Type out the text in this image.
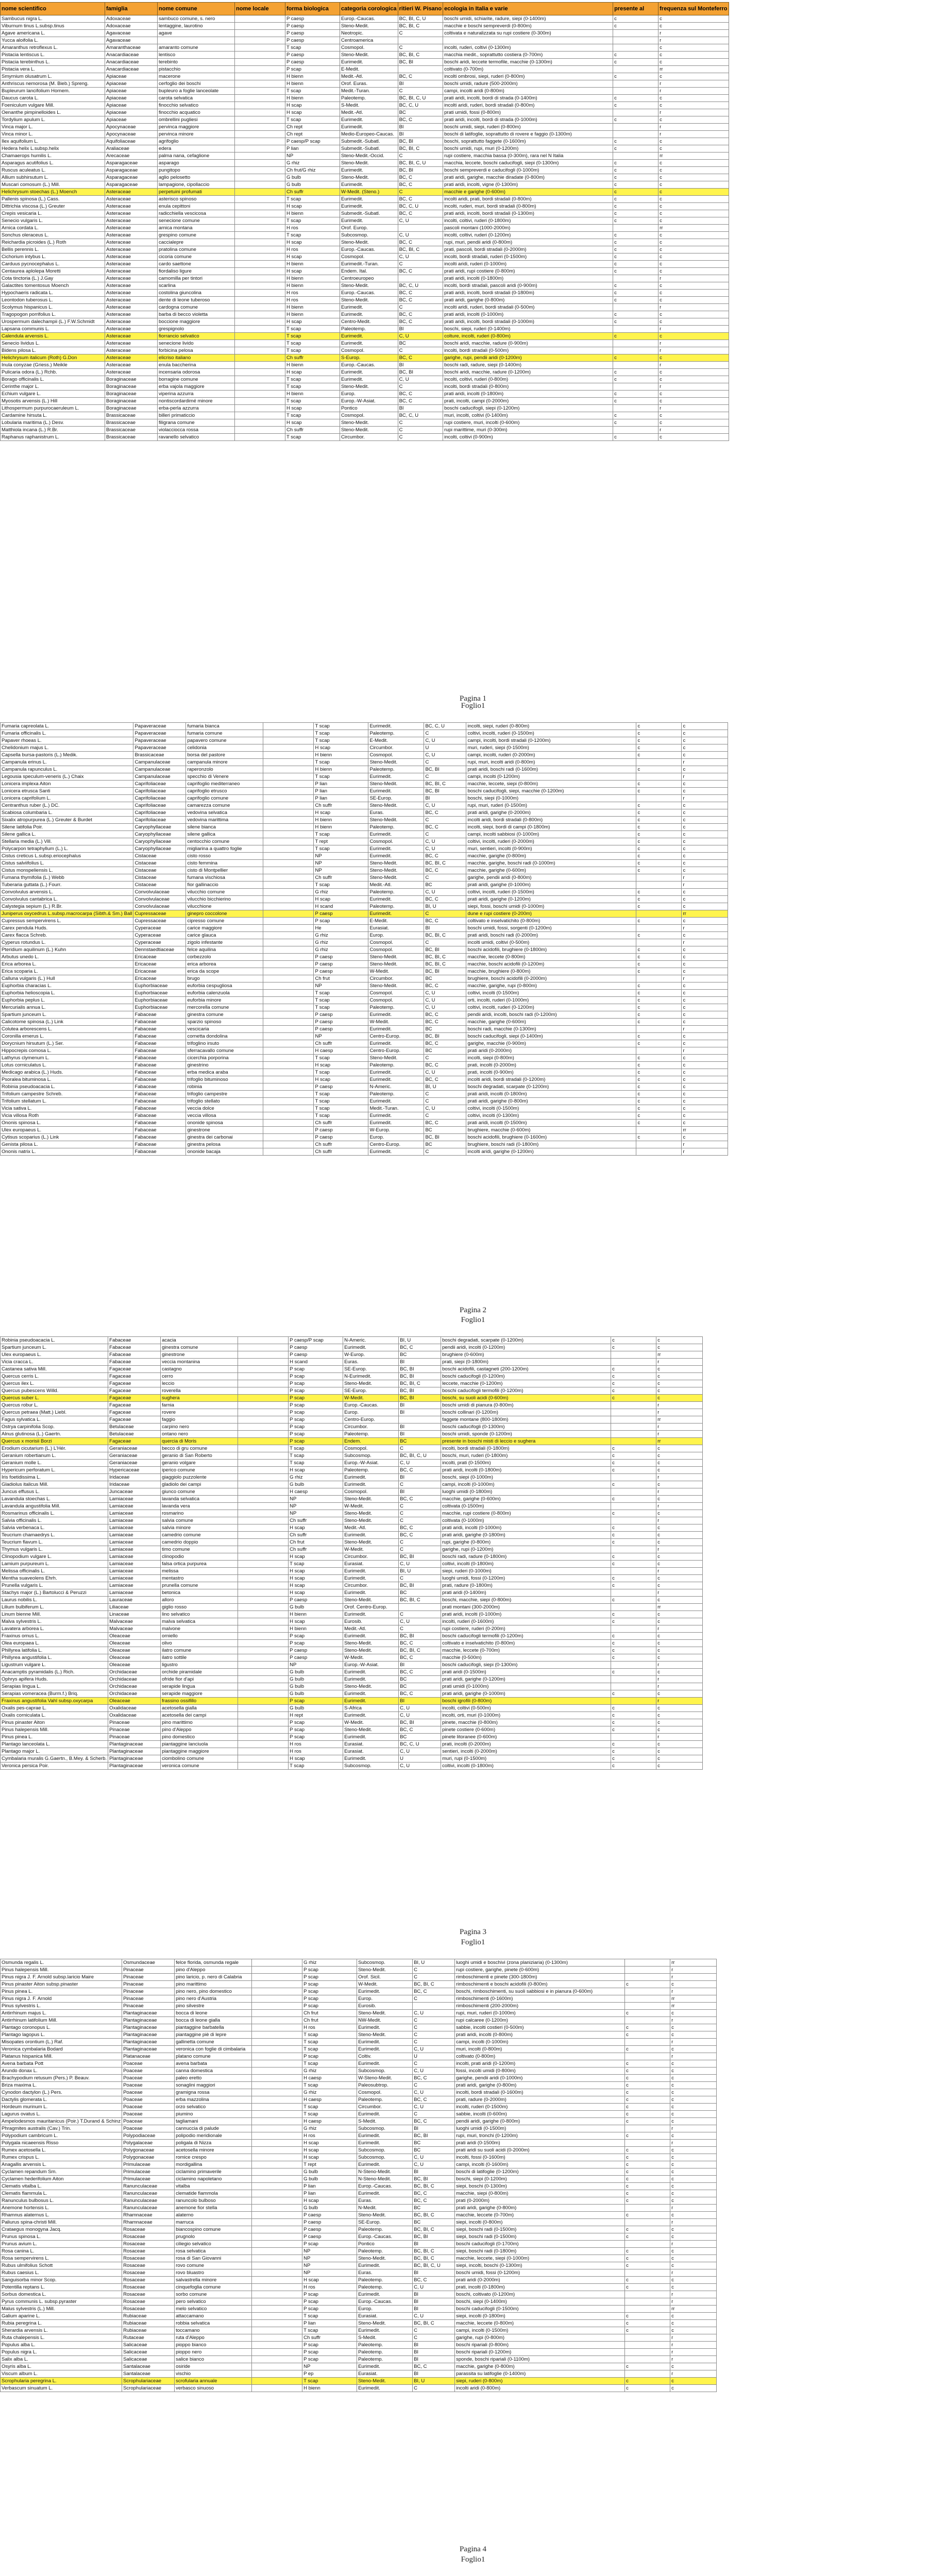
nome scientifico	famiglia	nome comune	nome locale	forma biologica	categoria corologica	ritieri W. Pisano	ecologia in Italia e varie	presente al	frequenza sul Monteferro
Sambucus nigra L.	Adoxaceae	sambuco comune, s. nero		P caesp	Europ.-Caucas.	BC, BI, C, U	boschi umidi, schiarite, radure, siepi (0-1400m)	c	c
Viburnum tinus L.subsp.tinus	Adoxaceae	lentaggine, laurotino		P caesp	Steno-Medit.	BC, BI, C	macchie e boschi sempreverdi (0-800m)	c	c
Agave americana L.	Agavaceae	agave		P caesp	Neotropic.	C	coltivata e naturalizzata su rupi costiere (0-300m)		r
Yucca aloifolia L.	Agavaceae			P caesp	Centroamerica				r
Amaranthus retroflexus L.	Amaranthaceae	amaranto comune		T scap	Cosmopol.	C	incolti, ruderi, coltivi (0-1300m)		c
Pistacia lentiscus L.	Anacardiaceae	lentisco		P caesp	Steno-Medit.	BC, BI, C	macchia medit., soprattutto costiera (0-700m)	c	c
Pistacia terebinthus L.	Anacardiaceae	terebinto		P caesp	Eurimedit.	BC, BI	boschi aridi, leccete termofile, macchie (0-1300m)	c	c
Pistacia vera L.	Anacardiaceae	pistacchio		P scap	E-Medit.		coltivato (0-700m)		rr
Smyrnium olusatrum L.	Apiaceae	macerone		H bienn	Medit.-Atl.	BC, C	incolti ombrosi, siepi, ruderi (0-800m)	c	c
Anthriscus nemorosa (M. Bieb.) Spreng.	Apiaceae	cerfoglio dei boschi		H bienn	Orof. Euras.	BI	boschi umidi, radure (500-2000m)		r
Bupleurum lancifolium Hornem.	Apiaceae	bupleuro a foglie lanceolate		T scap	Medit.-Turan.	C	campi, incolti aridi (0-800m)		r
Daucus carota L.	Apiaceae	carota selvatica		H bienn	Paleotemp.	BC, BI, C, U	prati aridi, incolti, bordi di strada (0-1400m)	c	c
Foeniculum vulgare Mill.	Apiaceae	finocchio selvatico		H scap	S-Medit.	BC, C, U	incolti aridi, ruderi, bordi stradali (0-800m)	c	c
Oenanthe pimpinelloides L.	Apiaceae	finocchio acquatico		H scap	Medit.-Atl.	BC	prati umidi, fossi (0-800m)		r
Tordylium apulum L.	Apiaceae	ombrellini pugliesi		T scap	Eurimedit.	BC, C	prati aridi, incolti, bordi di strada (0-1000m)	c	c
Vinca major L.	Apocynaceae	pervinca maggiore		Ch rept	Eurimedit.	BI	boschi umidi, siepi, ruderi (0-800m)		r
Vinca minor L.	Apocynaceae	pervinca minore		Ch rept	Medio-Europeo-Caucas.	BI	boschi di latifoglie, soprattutto di rovere e faggio (0-1300m)		r
Ilex aquifolium L.	Aquifoliaceae	agrifoglio		P caesp/P scap	Submedit.-Subatl.	BC, BI	boschi, soprattutto faggete (0-1600m)	c	c
Hedera helix L.subsp.helix	Araliaceae	edera		P lian	Submedit.-Subatl.	BC, BI, C	boschi umidi, rupi, muri (0-1200m)	c	c
Chamaerops humilis L.	Arecaceae	palma nana, cefaglione		NP	Steno-Medit.-Occid.	C	rupi costiere, macchia bassa (0-300m), rara nel N Italia		rr
Asparagus acutifolius L.	Asparagaceae	asparago		G rhiz	Steno-Medit.	BC, BI, C, U	macchia, leccete, boschi caducifogli, siepi (0-1300m)	c	c
Ruscus aculeatus L.	Asparagaceae	pungitopo		Ch frut/G rhiz	Eurimedit.	BC, BI	boschi sempreverdi e caducifogli (0-1000m)	c	c
Allium subhirsutum L.	Asparagaceae	aglio pelosetto		G bulb	Steno-Medit.	BC, C	prati aridi, garighe, macchie diradate (0-800m)	c	c
Muscari comosum (L.) Mill.	Asparagaceae	lampagione, cipollaccio		G bulb	Eurimedit.	BC, C	prati aridi, incolti, vigne (0-1300m)	c	c
Helichrysum stoechas (L.) Moench	Asteraceae	perpetuini profumati		Ch suffr	W-Medit. (Steno.)	C	macchie e garighe (0-600m)	c	c
Pallenis spinosa (L.) Cass.	Asteraceae	asterisco spinoso		T scap	Eurimedit.	BC, C	incolti aridi, prati, bordi stradali (0-800m)	c	c
Dittrichia viscosa (L.) Greuter	Asteraceae	enula cepittoni		H scap	Eurimedit.	BC, C, U	incolti, ruderi, muri, bordi stradali (0-800m)	c	c
Crepis vesicaria L.	Asteraceae	radicchiella vescicosa		H bienn	Submedit.-Subatl.	BC, C	prati aridi, incolti, bordi stradali (0-1300m)	c	c
Senecio vulgaris L.	Asteraceae	senecione comune		T scap	Eurimedit.	C, U	incolti, coltivi, ruderi (0-1800m)	c	c
Arnica cordata L.	Asteraceae	arnica montana		H ros	Orof. Europ.		pascoli montani (1000-2000m)		rr
Sonchus oleraceus L.	Asteraceae	grespino comune		T scap	Subcosmop.	C, U	incolti, coltivi, ruderi (0-1200m)	c	c
Reichardia picroides (L.) Roth	Asteraceae	caccialepre		H scap	Steno-Medit.	BC, C	rupi, muri, pendii aridi (0-800m)	c	c
Bellis perennis L.	Asteraceae	pratolina comune		H ros	Europ.-Caucas.	BC, BI, C	prati, pascoli, bordi stradali (0-2000m)	c	c
Cichorium intybus L.	Asteraceae	cicoria comune		H scap	Cosmopol.	C, U	incolti, bordi stradali, ruderi (0-1500m)	c	c
Carduus pycnocephalus L.	Asteraceae	cardo saettone		H bienn	Eurimedit.-Turan.	C	incolti aridi, ruderi (0-1000m)	c	c
Centaurea aplolepa Moretti	Asteraceae	fiordaliso ligure		H scap	Endem. Ital.	BC, C	prati aridi, rupi costiere (0-800m)	c	c
Cota tinctoria (L.) J.Gay	Asteraceae	camomilla per tintori		H bienn	Centroeuropeo		prati aridi, incolti (0-1800m)		r
Galactites tomentosus Moench	Asteraceae	scarlina		H bienn	Steno-Medit.	BC, C, U	incolti, bordi stradali, pascoli aridi (0-900m)	c	c
Hypochaeris radicata L.	Asteraceae	costolina giuncolina		H ros	Europ.-Caucas.	BC, C	prati aridi, incolti, bordi stradali (0-1800m)	c	c
Leontodon tuberosus L.	Asteraceae	dente di leone tuberoso		H ros	Steno-Medit.	BC, C	prati aridi, garighe (0-800m)	c	c
Scolymus hispanicus L.	Asteraceae	cardogna comune		H bienn	Eurimedit.	C	incolti aridi, ruderi, bordi stradali (0-500m)		r
Tragopogon porrifolius L.	Asteraceae	barba di becco violetta		H bienn	Eurimedit.	BC, C	prati aridi, incolti (0-1000m)	c	c
Urospermum dalechampii (L.) F.W.Schmidt	Asteraceae	boccione maggiore		H scap	Centro-Medit.	BC, C	prati aridi, incolti, bordi stradali (0-1000m)	c	c
Lapsana communis L.	Asteraceae	grespignolo		T scap	Paleotemp.	BI	boschi, siepi, ruderi (0-1400m)		r
Calendula arvensis L.	Asteraceae	fiorrancio selvatico		T scap	Eurimedit.	C, U	colture, incolti, ruderi (0-800m)	c	c
Senecio lividus L.	Asteraceae	senecione livido		T scap	Eurimedit.	BC	boschi aridi, macchie, radure (0-900m)		r
Bidens pilosa L.	Asteraceae	forbicina pelosa		T scap	Cosmopol.	C	incolti, bordi stradali (0-500m)		r
Helichrysum italicum (Roth) G.Don	Asteraceae	elicriso italiano		Ch suffr	S-Europ.	BC, C	garighe, rupi, pendii aridi (0-1200m)	c	c
Inula conyzae (Griess.) Meikle	Asteraceae	enula baccherina		H bienn	Europ.-Caucas.	BI	boschi radi, radure, siepi (0-1400m)		r
Pulicaria odora (L.) Rchb.	Asteraceae	incensaria odorosa		H scap	Eurimedit.	BC, BI	boschi aridi, macchie, radure (0-1200m)	c	c
Borago officinalis L.	Boraginaceae	borragine comune		T scap	Eurimedit.	C, U	incolti, coltivi, ruderi (0-800m)	c	c
Cerinthe major L.	Boraginaceae	erba vajola maggiore		T scap	Steno-Medit.	C	incolti, bordi stradali (0-800m)		r
Echium vulgare L.	Boraginaceae	viperina azzurra		H bienn	Europ.	BC, C	prati aridi, incolti (0-1800m)	c	c
Myosotis arvensis (L.) Hill	Boraginaceae	nontiscordardimé minore		T scap	Europ.-W-Asiat.	BC, C	prati, incolti, campi (0-2000m)	c	c
Lithospermum purpurocaeruleum L.	Boraginaceae	erba-perla azzurra		H scap	Pontico	BI	boschi caducifogli, siepi (0-1200m)		r
Cardamine hirsuta L.	Brassicaceae	billeri primaticcio		T scap	Cosmopol.	BC, C, U	muri, incolti, coltivi (0-1400m)	c	c
Lobularia maritima (L.) Desv.	Brassicaceae	filigrana comune		H scap	Steno-Medit.	C	rupi costiere, muri, incolti (0-600m)	c	c
Matthiola incana (L.) R.Br.	Brassicaceae	violacciocca rossa		Ch suffr	Steno-Medit.	C	rupi marittime, muri (0-300m)		r
Raphanus raphanistrum L.	Brassicaceae	ravanello selvatico		T scap	Circumbor.	C	incolti, coltivi (0-900m)	c	c
Pagina 1
Foglio1
Fumaria capreolata L.	Papaveraceae	fumaria bianca		T scap	Eurimedit.	BC, C, U	incolti, siepi, ruderi (0-800m)	c	c
Fumaria officinalis L.	Papaveraceae	fumaria comune		T scap	Paleotemp.	C	coltivi, incolti, ruderi (0-1500m)	c	c
Papaver rhoeas L.	Papaveraceae	papavero comune		T scap	E-Medit.	C, U	campi, incolti, bordi stradali (0-1200m)	c	c
Chelidonium majus L.	Papaveraceae	celidonia		H scap	Circumbor.	U	muri, ruderi, siepi (0-1500m)	c	c
Capsella bursa-pastoris (L.) Medik.	Brassicaceae	borsa del pastore		H bienn	Cosmopol.	C, U	campi, incolti, ruderi (0-2000m)	c	c
Campanula erinus L.	Campanulaceae	campanula minore		T scap	Steno-Medit.	C	rupi, muri, incolti aridi (0-800m)		r
Campanula rapunculus L.	Campanulaceae	raperonzolo		H bienn	Paleotemp.	BC, BI	prati aridi, boschi radi (0-1600m)	c	c
Legousia speculum-veneris (L.) Chaix	Campanulaceae	specchio di Venere		T scap	Eurimedit.	C	campi, incolti (0-1200m)		r
Lonicera implexa Aiton	Caprifoliaceae	caprifoglio mediterraneo		P lian	Steno-Medit.	BC, BI, C	macchie, leccete, siepi (0-800m)	c	c
Lonicera etrusca Santi	Caprifoliaceae	caprifoglio etrusco		P lian	Eurimedit.	BC, BI	boschi caducifogli, siepi, macchie (0-1200m)	c	c
Lonicera caprifolium L.	Caprifoliaceae	caprifoglio comune		P lian	SE-Europ.	BI	boschi, siepi (0-1000m)		r
Centranthus ruber (L.) DC.	Caprifoliaceae	camarezza comune		Ch suffr	Steno-Medit.	C, U	rupi, muri, ruderi (0-1500m)	c	c
Scabiosa columbaria L.	Caprifoliaceae	vedovina selvatica		H scap	Euras.	BC, C	prati aridi, garighe (0-2000m)	c	c
Sixalix atropurpurea (L.) Greuter & Burdet	Caprifoliaceae	vedovina marittima		H bienn	Steno-Medit.	C	incolti aridi, bordi stradali (0-800m)	c	c
Silene latifolia Poir.	Caryophyllaceae	silene bianca		H bienn	Paleotemp.	BC, C	incolti, siepi, bordi di campi (0-1800m)	c	c
Silene gallica L.	Caryophyllaceae	silene gallica		T scap	Eurimedit.	C	campi, incolti sabbiosi (0-1000m)	c	c
Stellaria media (L.) Vill.	Caryophyllaceae	centocchio comune		T rept	Cosmopol.	C, U	coltivi, incolti, ruderi (0-2000m)	c	c
Polycarpon tetraphyllum (L.) L.	Caryophyllaceae	migliarina a quattro foglie		T scap	Eurimedit.	C, U	muri, sentieri, incolti (0-900m)	c	c
Cistus creticus L.subsp.eriocephalus	Cistaceae	cisto rosso		NP	Eurimedit.	BC, C	macchie, garighe (0-800m)	c	c
Cistus salviifolius L.	Cistaceae	cisto femmina		NP	Steno-Medit.	BC, BI, C	macchie, garighe, boschi radi (0-1000m)	c	c
Cistus monspeliensis L.	Cistaceae	cisto di Montpellier		NP	Steno-Medit.	BC, C	macchie, garighe (0-600m)	c	c
Fumana thymifolia (L.) Webb	Cistaceae	fumana vischiosa		Ch suffr	Steno-Medit.	C	garighe, pendii aridi (0-800m)		r
Tuberaria guttata (L.) Fourr.	Cistaceae	fior gallinaccio		T scap	Medit.-Atl.	BC	prati aridi, garighe (0-1000m)		r
Convolvulus arvensis L.	Convolvulaceae	vilucchio comune		G rhiz	Paleotemp.	C, U	coltivi, incolti, ruderi (0-1500m)	c	c
Convolvulus cantabrica L.	Convolvulaceae	vilucchio bicchierino		H scap	Eurimedit.	BC, C	prati aridi, garighe (0-1200m)	c	c
Calystegia sepium (L.) R.Br.	Convolvulaceae	vilucchione		H scand	Paleotemp.	BI, U	siepi, fossi, boschi umidi (0-1000m)	c	c
Juniperus oxycedrus L.subsp.macrocarpa (Sibth.& Sm.) Ball	Cupressaceae	ginepro coccolone		P caesp	Eurimedit.	C	dune e rupi costiere (0-200m)		rr
Cupressus sempervirens L.	Cupressaceae	cipresso comune		P scap	E-Medit.	BC, C	coltivato e inselvatichito (0-800m)	c	c
Carex pendula Huds.	Cyperaceae	carice maggiore		He	Eurasiat.	BI	boschi umidi, fossi, sorgenti (0-1200m)		r
Carex flacca Schreb.	Cyperaceae	carice glauca		G rhiz	Europ.	BC, BI, C	prati aridi, boschi radi (0-2000m)	c	c
Cyperus rotundus L.	Cyperaceae	zigolo infestante		G rhiz	Cosmopol.	C	incolti umidi, coltivi (0-500m)		r
Pteridium aquilinum (L.) Kuhn	Dennstaedtiaceae	felce aquilina		G rhiz	Cosmopol.	BC, BI	boschi acidofili, brughiere (0-1800m)	c	c
Arbutus unedo L.	Ericaceae	corbezzolo		P caesp	Steno-Medit.	BC, BI, C	macchie, leccete (0-800m)	c	c
Erica arborea L.	Ericaceae	erica arborea		P caesp	Steno-Medit.	BC, BI, C	macchie, boschi acidofili (0-1200m)	c	c
Erica scoparia L.	Ericaceae	erica da scope		P caesp	W-Medit.	BC, BI	macchie, brughiere (0-800m)	c	c
Calluna vulgaris (L.) Hull	Ericaceae	brugo		Ch frut	Circumbor.	BC	brughiere, boschi acidofili (0-2000m)		r
Euphorbia characias L.	Euphorbiaceae	euforbia cespugliosa		NP	Steno-Medit.	BC, C	macchie, garighe, rupi (0-800m)	c	c
Euphorbia helioscopia L.	Euphorbiaceae	euforbia calenzuola		T scap	Cosmopol.	C, U	coltivi, incolti (0-1500m)	c	c
Euphorbia peplus L.	Euphorbiaceae	euforbia minore		T scap	Cosmopol.	C, U	orti, incolti, ruderi (0-1000m)	c	c
Mercurialis annua L.	Euphorbiaceae	mercorella comune		T scap	Paleotemp.	C, U	coltivi, incolti, ruderi (0-1200m)	c	c
Spartium junceum L.	Fabaceae	ginestra comune		P caesp	Eurimedit.	BC, C	pendii aridi, incolti, boschi radi (0-1200m)	c	c
Calicotome spinosa (L.) Link	Fabaceae	sparzio spinoso		P caesp	W-Medit.	BC, C	macchie, garighe (0-600m)	c	c
Colutea arborescens L.	Fabaceae	vescicaria		P caesp	Eurimedit.	BC	boschi radi, macchie (0-1300m)		r
Coronilla emerus L.	Fabaceae	cornetta dondolina		NP	Centro-Europ.	BC, BI	boschi caducifogli, siepi (0-1400m)	c	c
Dorycnium hirsutum (L.) Ser.	Fabaceae	trifoglino irsuto		Ch suffr	Eurimedit.	BC, C	garighe, macchie (0-900m)	c	c
Hippocrepis comosa L.	Fabaceae	sferracavallo comune		H caesp	Centro-Europ.	BC	prati aridi (0-2000m)		r
Lathyrus clymenum L.	Fabaceae	cicerchia porporina		T scap	Steno-Medit.	C	incolti, siepi (0-800m)	c	c
Lotus corniculatus L.	Fabaceae	ginestrino		H scap	Paleotemp.	BC, C	prati, incolti (0-2000m)	c	c
Medicago arabica (L.) Huds.	Fabaceae	erba medica araba		T scap	Eurimedit.	C, U	prati, incolti (0-900m)	c	c
Psoralea bituminosa L.	Fabaceae	trifoglio bituminoso		H scap	Eurimedit.	BC, C	incolti aridi, bordi stradali (0-1200m)	c	c
Robinia pseudoacacia L.	Fabaceae	robinia		P caesp	N-Americ.	BI, U	boschi degradati, scarpate (0-1200m)	c	c
Trifolium campestre Schreb.	Fabaceae	trifoglio campestre		T scap	Paleotemp.	C	prati aridi, incolti (0-1800m)	c	c
Trifolium stellatum L.	Fabaceae	trifoglio stellato		T scap	Eurimedit.	C	prati aridi, garighe (0-800m)	c	c
Vicia sativa L.	Fabaceae	veccia dolce		T scap	Medit.-Turan.	C, U	coltivi, incolti (0-1500m)	c	c
Vicia villosa Roth	Fabaceae	veccia villosa		T scap	Eurimedit.	C	coltivi, incolti (0-1300m)	c	c
Ononis spinosa L.	Fabaceae	ononide spinosa		Ch suffr	Eurimedit.	BC, C	prati aridi, incolti (0-1500m)	c	c
Ulex europaeus L.	Fabaceae	ginestrone		P caesp	W-Europ.	BC	brughiere, macchie (0-600m)		rr
Cytisus scoparius (L.) Link	Fabaceae	ginestra dei carbonai		P caesp	Europ.	BC, BI	boschi acidofili, brughiere (0-1600m)	c	c
Genista pilosa L.	Fabaceae	ginestra pelosa		Ch suffr	Centro-Europ.	BC	brughiere, boschi radi (0-1800m)		r
Ononis natrix L.	Fabaceae	ononide bacaja		Ch suffr	Eurimedit.	C	incolti aridi, garighe (0-1200m)		r
Pagina 2
Foglio1
Robinia pseudoacacia L.	Fabaceae	acacia		P caesp/P scap	N-Americ.	BI, U	boschi degradati, scarpate (0-1200m)	c	c
Spartium junceum L.	Fabaceae	ginestra comune		P caesp	Eurimedit.	BC, C	pendii aridi, incolti (0-1200m)	c	c
Ulex europaeus L.	Fabaceae	ginestrone		P caesp	W-Europ.	BC	brughiere (0-600m)		rr
Vicia cracca L.	Fabaceae	veccia montanina		H scand	Euras.	BI	prati, siepi (0-1800m)		r
Castanea sativa Mill.	Fagaceae	castagno		P scap	SE-Europ.	BC, BI	boschi acidofili, castagneti (200-1200m)	c	c
Quercus cerris L.	Fagaceae	cerro		P scap	N-Eurimedit.	BC, BI	boschi caducifogli (0-1200m)	c	c
Quercus ilex L.	Fagaceae	leccio		P scap	Steno-Medit.	BC, BI, C	leccete, macchie (0-1200m)	c	c
Quercus pubescens Willd.	Fagaceae	roverella		P scap	SE-Europ.	BC, BI	boschi caducifogli termofili (0-1200m)	c	c
Quercus suber L.	Fagaceae	sughera		P scap	W-Medit.	BC, BI	boschi, su suoli acidi (0-600m)	c	c
Quercus robur L.	Fagaceae	farnia		P scap	Europ.-Caucas.	BI	boschi umidi di pianura (0-800m)		r
Quercus petraea (Matt.) Liebl.	Fagaceae	rovere		P scap	Europ.	BI	boschi collinari (0-1200m)		r
Fagus sylvatica L.	Fagaceae	faggio		P scap	Centro-Europ.		faggete montane (800-1800m)		rr
Ostrya carpinifolia Scop.	Betulaceae	carpino nero		P scap	Circumbor.	BI	boschi caducifogli (0-1300m)		r
Alnus glutinosa (L.) Gaertn.	Betulaceae	ontano nero		P scap	Paleotemp.	BI	boschi umidi, sponde (0-1200m)		r
Quercus x morisii Borzi	Fagaceae	quercia di Moris		P scap	Endem.	BC	presente in boschi misti di leccio e sughera		rr
Erodium cicutarium (L.) L'Hér.	Geraniaceae	becco di gru comune		T scap	Cosmopol.	C	incolti, bordi stradali (0-1800m)	c	c
Geranium robertianum L.	Geraniaceae	geranio di San Roberto		T scap	Subcosmop.	BC, BI, C, U	boschi, muri, ruderi (0-1800m)	c	c
Geranium molle L.	Geraniaceae	geranio volgare		T scap	Europ.-W-Asiat.	C, U	incolti, prati (0-1500m)	c	c
Hypericum perforatum L.	Hypericaceae	iperico comune		H scap	Paleotemp.	BC, C	prati aridi, incolti (0-1800m)	c	c
Iris foetidissima L.	Iridaceae	giaggiolo puzzolente		G rhiz	Eurimedit.	BI	boschi, siepi (0-1000m)		r
Gladiolus italicus Mill.	Iridaceae	gladiolo dei campi		G bulb	Eurimedit.	C	campi, incolti (0-1000m)	c	c
Juncus effusus L.	Juncaceae	giunco comune		H caesp	Cosmopol.	BI	luoghi umidi (0-1800m)		r
Lavandula stoechas L.	Lamiaceae	lavanda selvatica		NP	Steno-Medit.	BC, C	macchie, garighe (0-600m)	c	c
Lavandula angustifolia Mill.	Lamiaceae	lavanda vera		NP	W-Medit.	C	coltivata (0-1500m)		r
Rosmarinus officinalis L.	Lamiaceae	rosmarino		NP	Steno-Medit.	C	macchie, rupi costiere (0-800m)	c	c
Salvia officinalis L.	Lamiaceae	salvia comune		Ch suffr	Steno-Medit.	C	coltivata (0-1000m)		r
Salvia verbenaca L.	Lamiaceae	salvia minore		H scap	Medit.-Atl.	BC, C	prati aridi, incolti (0-1000m)	c	c
Teucrium chamaedrys L.	Lamiaceae	camedrio comune		Ch suffr	Eurimedit.	BC, C	prati aridi, garighe (0-1800m)	c	c
Teucrium flavum L.	Lamiaceae	camedrio doppio		Ch frut	Steno-Medit.	C	rupi, garighe (0-800m)	c	c
Thymus vulgaris L.	Lamiaceae	timo comune		Ch suffr	W-Medit.	C	garighe, rupi (0-1200m)		r
Clinopodium vulgare L.	Lamiaceae	clinopodio		H scap	Circumbor.	BC, BI	boschi radi, radure (0-1800m)	c	c
Lamium purpureum L.	Lamiaceae	falsa ortica purpurea		T scap	Eurasiat.	C, U	coltivi, incolti (0-1800m)	c	c
Melissa officinalis L.	Lamiaceae	melissa		H scap	Eurimedit.	BI, U	siepi, ruderi (0-1000m)		r
Mentha suaveolens Ehrh.	Lamiaceae	mentastro		H scap	Eurimedit.	C	luoghi umidi, fossi (0-1200m)	c	c
Prunella vulgaris L.	Lamiaceae	prunella comune		H scap	Circumbor.	BC, BI	prati, radure (0-1800m)	c	c
Stachys major (L.) Bartolucci & Peruzzi	Lamiaceae	betonica		H scap	Eurimedit.	BC	prati aridi (0-1400m)		r
Laurus nobilis L.	Lauraceae	alloro		P caesp	Steno-Medit.	BC, BI, C	boschi, macchie, siepi (0-800m)	c	c
Lilium bulbiferum L.	Liliaceae	giglio rosso		G bulb	Orof. Centro-Europ.		prati montani (300-2000m)		rr
Linum bienne Mill.	Linaceae	lino selvatico		H bienn	Eurimedit.	C	prati aridi, incolti (0-1000m)	c	c
Malva sylvestris L.	Malvaceae	malva selvatica		H scap	Eurosib.	C, U	incolti, ruderi (0-1600m)	c	c
Lavatera arborea L.	Malvaceae	malvone		H bienn	Medit.-Atl.	C	rupi costiere, ruderi (0-200m)		r
Fraxinus ornus L.	Oleaceae	orniello		P scap	Eurimedit.	BC, BI	boschi caducifogli termofili (0-1200m)	c	c
Olea europaea L.	Oleaceae	olivo		P scap	Steno-Medit.	BC, C	coltivato e inselvatichito (0-800m)	c	c
Phillyrea latifolia L.	Oleaceae	ilatro comune		P caesp	Steno-Medit.	BC, BI, C	macchie, leccete (0-700m)	c	c
Phillyrea angustifolia L.	Oleaceae	ilatro sottile		P caesp	W-Medit.	BC, C	macchie (0-500m)	c	c
Ligustrum vulgare L.	Oleaceae	ligustro		NP	Europ.-W-Asiat.	BI	boschi caducifogli, siepi (0-1300m)		r
Anacamptis pyramidalis (L.) Rich.	Orchidaceae	orchide piramidale		G bulb	Eurimedit.	BC, C	prati aridi (0-1500m)	c	c
Ophrys apifera Huds.	Orchidaceae	ofride fior d'api		G bulb	Eurimedit.	BC	prati aridi, garighe (0-1200m)		r
Serapias lingua L.	Orchidaceae	serapide lingua		G bulb	Steno-Medit.	BC	prati umidi (0-1000m)		r
Serapias vomeracea (Burm.f.) Briq.	Orchidaceae	serapide maggiore		G bulb	Eurimedit.	BC, C	prati aridi, garighe (0-1000m)	c	c
Fraxinus angustifolia Vahl subsp.oxycarpa	Oleaceae	frassino ossifillo		P scap	Eurimedit.	BI	boschi igrofili (0-800m)		r
Oxalis pes-caprae L.	Oxalidaceae	acetosella gialla		G bulb	S-Africa	C, U	incolti, coltivi (0-500m)	c	c
Oxalis corniculata L.	Oxalidaceae	acetosella dei campi		H rept	Eurimedit.	C, U	incolti, orti, muri (0-1000m)	c	c
Pinus pinaster Aiton	Pinaceae	pino marittimo		P scap	W-Medit.	BC, BI	pinete, macchie (0-800m)	c	c
Pinus halepensis Mill.	Pinaceae	pino d'Aleppo		P scap	Steno-Medit.	BC, C	pinete costiere (0-600m)	c	c
Pinus pinea L.	Pinaceae	pino domestico		P scap	Eurimedit.	BC	pinete litoranee (0-600m)		r
Plantago lanceolata L.	Plantaginaceae	piantaggine lanciuola		H ros	Eurasiat.	BC, C, U	prati, incolti (0-2000m)	c	c
Plantago major L.	Plantaginaceae	piantaggine maggiore		H ros	Eurasiat.	C, U	sentieri, incolti (0-2000m)	c	c
Cymbalaria muralis G.Gaertn., B.Mey. & Scherb.	Plantaginaceae	ciombolino comune		H scap	Eurimedit.	U	muri, rupi (0-1500m)	c	c
Veronica persica Poir.	Plantaginaceae	veronica comune		T scap	Subcosmop.	C, U	coltivi, incolti (0-1800m)	c	c
Pagina 3
Foglio1
Osmunda regalis L.	Osmundaceae	felce florida, osmunda regale		G rhiz	Subcosmop.	BI, U	luoghi umidi e boschivi (zona planiziaria) (0-1300m)		rr
Pinus halepensis Mill.	Pinaceae	pino d'Aleppo		P scap	Steno-Medit.	C	rupi costiere, garighe, pinete (0-600m)		r
Pinus nigra J. F. Arnold subsp.laricio Maire	Pinaceae	pino laricio, p. nero di Calabria		P scap	Orof. Sicil.	C	rimboschimenti e pinete (300-1800m)		r
Pinus pinaster Aiton subsp.pinaster	Pinaceae	pino marittimo		P scap	W-Medit.	BC, BI, C	rimboschimenti e boschi acidofili (0-800m)	c	c
Pinus pinea L.	Pinaceae	pino nero, pino domestico		P scap	Eurimedit.	BC, C	boschi, rimboschimenti, su suoli sabbiosi e in pianura (0-600m)		r
Pinus nigra J. F. Arnold	Pinaceae	pino nero d'Austria		P scap	Europ.	C	rimboschimenti (0-1600m)		rr
Pinus sylvestris L.	Pinaceae	pino silvestre		P scap	Eurosib.		rimboschimenti (200-2000m)		rr
Antirrhinum majus L.	Plantaginaceae	bocca di leone		Ch frut	Steno-Medit.	C, U	rupi, muri, ruderi (0-1000m)	c	c
Antirrhinum latifolium Mill.	Plantaginaceae	bocca di leone gialla		Ch frut	NW-Medit.	C	rupi calcaree (0-1200m)		r
Plantago coronopus L.	Plantaginaceae	piantaggine barbatella		H ros	Eurimedit.	C	sabbie, incolti costieri (0-500m)	c	c
Plantago lagopus L.	Plantaginaceae	piantaggine piè di lepre		T scap	Steno-Medit.	C	prati aridi, incolti (0-800m)	c	c
Misopates orontium (L.) Raf.	Plantaginaceae	gallinetta comune		T scap	Eurimedit.	C	campi, incolti (0-1000m)		r
Veronica cymbalaria Bodard	Plantaginaceae	veronica con foglie di cimbalaria		T scap	Eurimedit.	C, U	muri, incolti (0-800m)	c	c
Platanus hispanica Mill.	Platanaceae	platano comune		P scap	Coltiv.	U	coltivato (0-800m)		r
Avena barbata Pott	Poaceae	avena barbata		T scap	Eurimedit.	C	incolti, prati aridi (0-1200m)	c	c
Arundo donax L.	Poaceae	canna domestica		G rhiz	Subcosmop.	C, U	fossi, incolti umidi (0-800m)	c	c
Brachypodium retusum (Pers.) P. Beauv.	Poaceae	paleo eretto		H caesp	W-Steno-Medit.	BC, C	garighe, pendii aridi (0-1000m)	c	c
Briza maxima L.	Poaceae	sonaglini maggiori		T scap	Paleosubtrop.	C	prati aridi, garighe (0-800m)	c	c
Cynodon dactylon (L.) Pers.	Poaceae	gramigna rossa		G rhiz	Cosmopol.	C, U	incolti, bordi stradali (0-1600m)	c	c
Dactylis glomerata L.	Poaceae	erba mazzolina		H caesp	Paleotemp.	BC, C	prati, radure (0-2000m)	c	c
Hordeum murinum L.	Poaceae	orzo selvatico		T scap	Circumbor.	C, U	incolti, ruderi (0-1500m)	c	c
Lagurus ovatus L.	Poaceae	piumino		T scap	Eurimedit.	C	sabbie, incolti (0-600m)	c	c
Ampelodesmos mauritanicus (Poir.) T.Durand & Schinz	Poaceae	tagliamani		H caesp	S-Medit.	BC, C	pendii aridi, garighe (0-800m)	c	c
Phragmites australis (Cav.) Trin.	Poaceae	cannuccia di palude		G rhiz	Subcosmop.	BI	luoghi umidi (0-1500m)		r
Polypodium cambricum L.	Polypodiaceae	polipodio meridionale		H ros	Eurimedit.	BC, BI	rupi, muri, tronchi (0-1200m)	c	c
Polygala nicaeensis Risso	Polygalaceae	poligala di Nizza		H scap	Eurimedit.	BC	prati aridi (0-1500m)		r
Rumex acetosella L.	Polygonaceae	acetosella minore		H scap	Subcosmop.	BC	prati aridi su suoli acidi (0-2000m)	c	c
Rumex crispus L.	Polygonaceae	romice crespo		H scap	Subcosmop.	C, U	incolti, fossi (0-1600m)	c	c
Anagallis arvensis L.	Primulaceae	mordigallina		T rept	Eurimedit.	C, U	campi, incolti (0-1600m)	c	c
Cyclamen repandum Sm.	Primulaceae	ciclamino primaverile		G bulb	N-Steno-Medit.	BI	boschi di latifoglie (0-1200m)	c	c
Cyclamen hederifolium Aiton	Primulaceae	ciclamino napoletano		G bulb	N-Steno-Medit.	BC, BI	boschi, siepi (0-1200m)	c	c
Clematis vitalba L.	Ranunculaceae	vitalba		P lian	Europ.-Caucas.	BC, BI, C	siepi, boschi (0-1300m)	c	c
Clematis flammula L.	Ranunculaceae	clematide fiammola		P lian	Eurimedit.	BC, C	macchie, siepi (0-800m)	c	c
Ranunculus bulbosus L.	Ranunculaceae	ranuncolo bulboso		H scap	Euras.	BC, C	prati (0-2000m)	c	c
Anemone hortensis L.	Ranunculaceae	anemone fior stella		G bulb	N-Medit.	BC	prati aridi, garighe (0-800m)		r
Rhamnus alaternus L.	Rhamnaceae	alaterno		P caesp	Steno-Medit.	BC, BI, C	macchie, leccete (0-700m)	c	c
Paliurus spina-christi Mill.	Rhamnaceae	marruca		P caesp	SE-Europ.	BC	siepi, incolti (0-800m)		r
Crataegus monogyna Jacq.	Rosaceae	biancospino comune		P caesp	Paleotemp.	BC, BI, C	siepi, boschi radi (0-1500m)	c	c
Prunus spinosa L.	Rosaceae	prugnolo		P caesp	Europ.-Caucas.	BC, BI	siepi, boschi radi (0-1500m)	c	c
Prunus avium L.	Rosaceae	ciliegio selvatico		P scap	Pontico	BI	boschi caducifogli (0-1700m)		r
Rosa canina L.	Rosaceae	rosa selvatica		NP	Paleotemp.	BC, BI, C	siepi, boschi radi (0-1800m)	c	c
Rosa sempervirens L.	Rosaceae	rosa di San Giovanni		NP	Steno-Medit.	BC, BI, C	macchie, leccete, siepi (0-1000m)	c	c
Rubus ulmifolius Schott	Rosaceae	rovo comune		NP	Eurimedit.	BC, BI, C, U	siepi, incolti, boschi (0-1300m)	c	c
Rubus caesius L.	Rosaceae	rovo bluastro		NP	Euras.	BI	boschi umidi, fossi (0-1200m)		r
Sanguisorba minor Scop.	Rosaceae	salvastrella minore		H scap	Paleotemp.	BC, C	prati aridi (0-2000m)	c	c
Potentilla reptans L.	Rosaceae	cinquefoglia comune		H ros	Paleotemp.	C, U	prati, incolti (0-1800m)	c	c
Sorbus domestica L.	Rosaceae	sorbo comune		P scap	Eurimedit.	BI	boschi, coltivato (0-1200m)		r
Pyrus communis L. subsp.pyraster	Rosaceae	pero selvatico		P scap	Europ.-Caucas.	BI	boschi, siepi (0-1400m)		r
Malus sylvestris (L.) Mill.	Rosaceae	melo selvatico		P scap	Europ.	BI	boschi caducifogli (0-1500m)		rr
Galium aparine L.	Rubiaceae	attaccamano		T scap	Eurasiat.	C, U	siepi, incolti (0-1800m)	c	c
Rubia peregrina L.	Rubiaceae	robbia selvatica		P lian	Steno-Medit.	BC, BI, C	macchie, leccete (0-800m)	c	c
Sherardia arvensis L.	Rubiaceae	toccamano		T scap	Eurimedit.	C	campi, incolti (0-1500m)	c	c
Ruta chalepensis L.	Rutaceae	ruta d'Aleppo		Ch suffr	S-Medit.	C	garighe, rupi (0-800m)		r
Populus alba L.	Salicaceae	pioppo bianco		P scap	Paleotemp.	BI	boschi ripariali (0-800m)		r
Populus nigra L.	Salicaceae	pioppo nero		P scap	Paleotemp.	BI	boschi ripariali (0-1200m)		r
Salix alba L.	Salicaceae	salice bianco		P scap	Paleotemp.	BI	sponde, boschi ripariali (0-1100m)		r
Osyris alba L.	Santalaceae	osiride		NP	Eurimedit.	BC, C	macchie, garighe (0-800m)	c	c
Viscum album L.	Santalaceae	vischio		P ep	Eurasiat.	BI	parassita su latifoglie (0-1400m)		r
Scrophularia peregrina L.	Scrophulariaceae	scrofularia annuale		T scap	Steno-Medit.	BI, U	siepi, ruderi (0-800m)	c	c
Verbascum sinuatum L.	Scrophulariaceae	verbasco sinuoso		H bienn	Eurimedit.	C	incolti aridi (0-800m)	c	c
Pagina 4
Foglio1
